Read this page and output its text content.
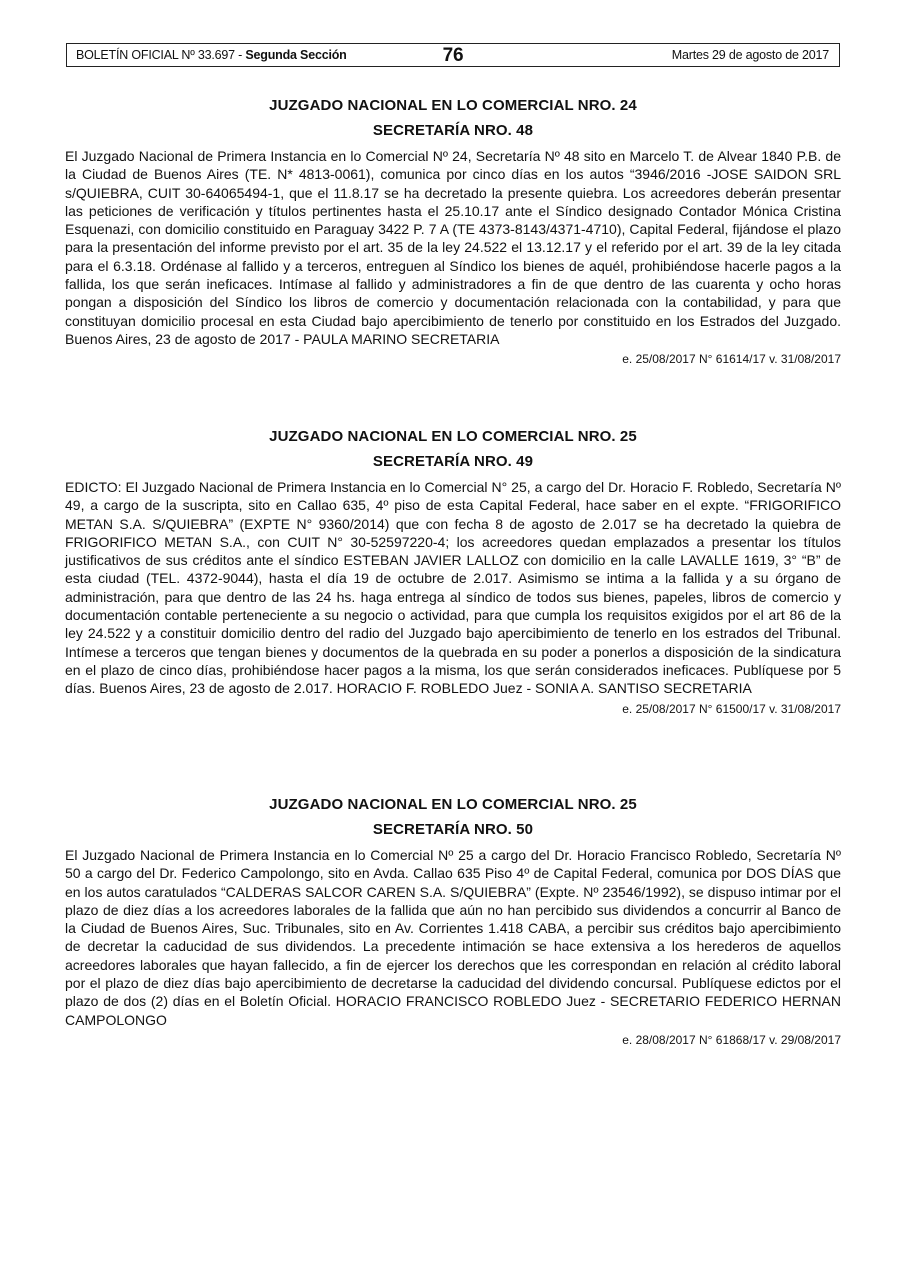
BOLETÍN OFICIAL Nº 33.697 - Segunda Sección	76	Martes 29 de agosto de 2017
JUZGADO NACIONAL EN LO COMERCIAL NRO. 24
SECRETARÍA NRO. 48

El Juzgado Nacional de Primera Instancia en lo Comercial Nº 24, Secretaría Nº 48 sito en Marcelo T. de Alvear 1840 P.B. de la Ciudad de Buenos Aires (TE. N* 4813-0061), comunica por cinco días en los autos “3946/2016 -JOSE SAIDON SRL s/QUIEBRA, CUIT 30-64065494-1, que el 11.8.17 se ha decretado la presente quiebra. Los acreedores deberán presentar las peticiones de verificación y títulos pertinentes hasta el 25.10.17 ante el Síndico designado Contador Mónica Cristina Esquenazi, con domicilio constituido en Paraguay 3422 P. 7 A (TE 4373-8143/4371-4710), Capital Federal, fijándose el plazo para la presentación del informe previsto por el art. 35 de la ley 24.522 el 13.12.17 y el referido por el art. 39 de la ley citada para el 6.3.18. Ordénase al fallido y a terceros, entreguen al Síndico los bienes de aquél, prohibiéndose hacerle pagos a la fallida, los que serán ineficaces. Intímase al fallido y administradores a fin de que dentro de las cuarenta y ocho horas pongan a disposición del Síndico los libros de comercio y documentación relacionada con la contabilidad, y para que constituyan domicilio procesal en esta Ciudad bajo apercibimiento de tenerlo por constituido en los Estrados del Juzgado. Buenos Aires, 23 de agosto de 2017 - PAULA MARINO SECRETARIA

e. 25/08/2017 N° 61614/17 v. 31/08/2017
JUZGADO NACIONAL EN LO COMERCIAL NRO. 25
SECRETARÍA NRO. 49

EDICTO: El Juzgado Nacional de Primera Instancia en lo Comercial N° 25, a cargo del Dr. Horacio F. Robledo, Secretaría Nº 49, a cargo de la suscripta, sito en Callao 635, 4º piso de esta Capital Federal, hace saber en el expte. “FRIGORIFICO METAN S.A. S/QUIEBRA” (EXPTE N° 9360/2014) que con fecha 8 de agosto de 2.017 se ha decretado la quiebra de FRIGORIFICO METAN S.A., con CUIT N° 30-52597220-4; los acreedores quedan emplazados a presentar los títulos justificativos de sus créditos ante el síndico ESTEBAN JAVIER LALLOZ con domicilio en la calle LAVALLE 1619, 3° “B” de esta ciudad (TEL. 4372-9044), hasta el día 19 de octubre de 2.017. Asimismo se intima a la fallida y a su órgano de administración, para que dentro de las 24 hs. haga entrega al síndico de todos sus bienes, papeles, libros de comercio y documentación contable perteneciente a su negocio o actividad, para que cumpla los requisitos exigidos por el art 86 de la ley 24.522 y a constituir domicilio dentro del radio del Juzgado bajo apercibimiento de tenerlo en los estrados del Tribunal. Intímese a terceros que tengan bienes y documentos de la quebrada en su poder a ponerlos a disposición de la sindicatura en el plazo de cinco días, prohibiéndose hacer pagos a la misma, los que serán considerados ineficaces. Publíquese por 5 días. Buenos Aires, 23 de agosto de 2.017. HORACIO F. ROBLEDO Juez - SONIA A. SANTISO SECRETARIA

e. 25/08/2017 N° 61500/17 v. 31/08/2017
JUZGADO NACIONAL EN LO COMERCIAL NRO. 25
SECRETARÍA NRO. 50

El Juzgado Nacional de Primera Instancia en lo Comercial Nº 25 a cargo del Dr. Horacio Francisco Robledo, Secretaría Nº 50 a cargo del Dr. Federico Campolongo, sito en Avda. Callao 635 Piso 4º de Capital Federal, comunica por DOS DÍAS que en los autos caratulados “CALDERAS SALCOR CAREN S.A. S/QUIEBRA” (Expte. Nº 23546/1992), se dispuso intimar por el plazo de diez días a los acreedores laborales de la fallida que aún no han percibido sus dividendos a concurrir al Banco de la Ciudad de Buenos Aires, Suc. Tribunales, sito en Av. Corrientes 1.418 CABA, a percibir sus créditos bajo apercibimiento de decretar la caducidad de sus dividendos. La precedente intimación se hace extensiva a los herederos de aquellos acreedores laborales que hayan fallecido, a fin de ejercer los derechos que les correspondan en relación al crédito laboral por el plazo de diez días bajo apercibimiento de decretarse la caducidad del dividendo concursal. Publíquese edictos por el plazo de dos (2) días en el Boletín Oficial. HORACIO FRANCISCO ROBLEDO Juez - SECRETARIO FEDERICO HERNAN CAMPOLONGO

e. 28/08/2017 N° 61868/17 v. 29/08/2017
